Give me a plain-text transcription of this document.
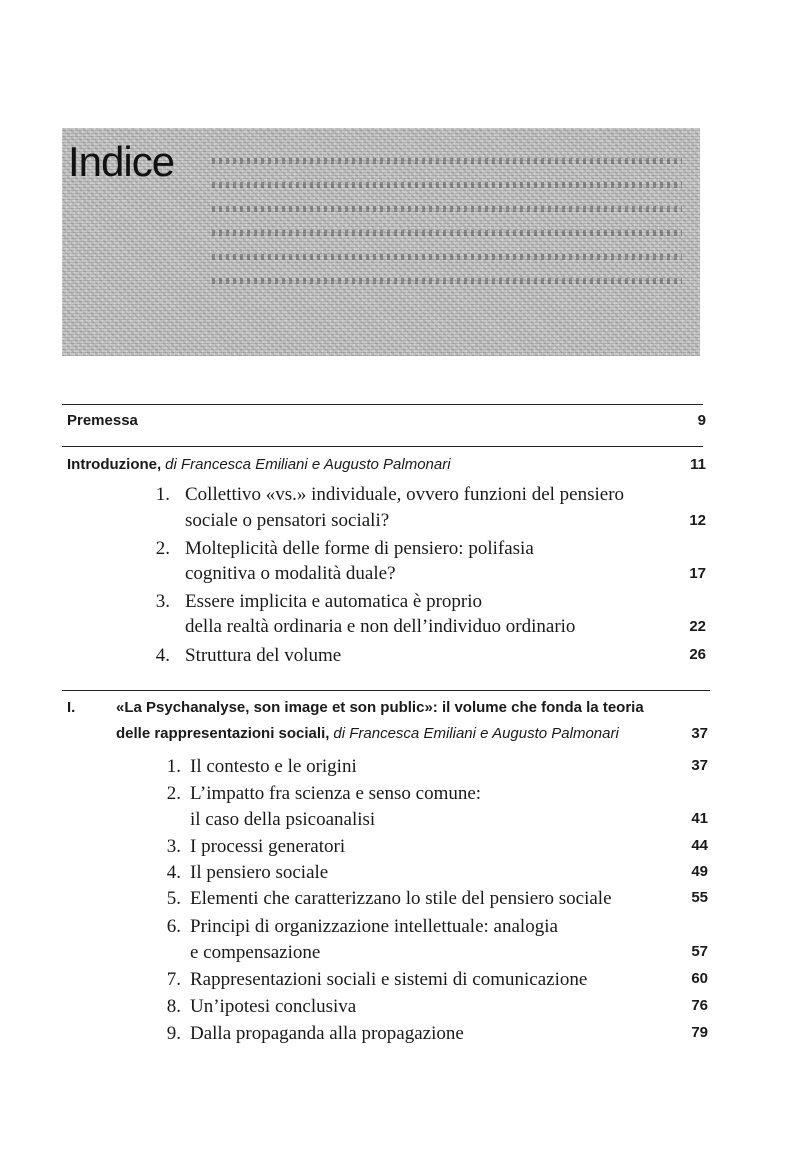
Indice
Premessa	9
Introduzione, di Francesca Emiliani e Augusto Palmonari	11
1. Collettivo «vs.» individuale, ovvero funzioni del pensiero
sociale o pensatori sociali?	12
2. Molteplicità delle forme di pensiero: polifasia
cognitiva o modalità duale?	17
3. Essere implicita e automatica è proprio
della realtà ordinaria e non dell’individuo ordinario	22
4. Struttura del volume	26
I.	«La Psychanalyse, son image et son public»: il volume che fonda la teoria
delle rappresentazioni sociali, di Francesca Emiliani e Augusto Palmonari	37
1. Il contesto e le origini	37
2. L’impatto fra scienza e senso comune:
il caso della psicoanalisi	41
3. I processi generatori	44
4. Il pensiero sociale	49
5. Elementi che caratterizzano lo stile del pensiero sociale	55
6. Principi di organizzazione intellettuale: analogia
e compensazione	57
7. Rappresentazioni sociali e sistemi di comunicazione	60
8. Un’ipotesi conclusiva	76
9. Dalla propaganda alla propagazione	79
